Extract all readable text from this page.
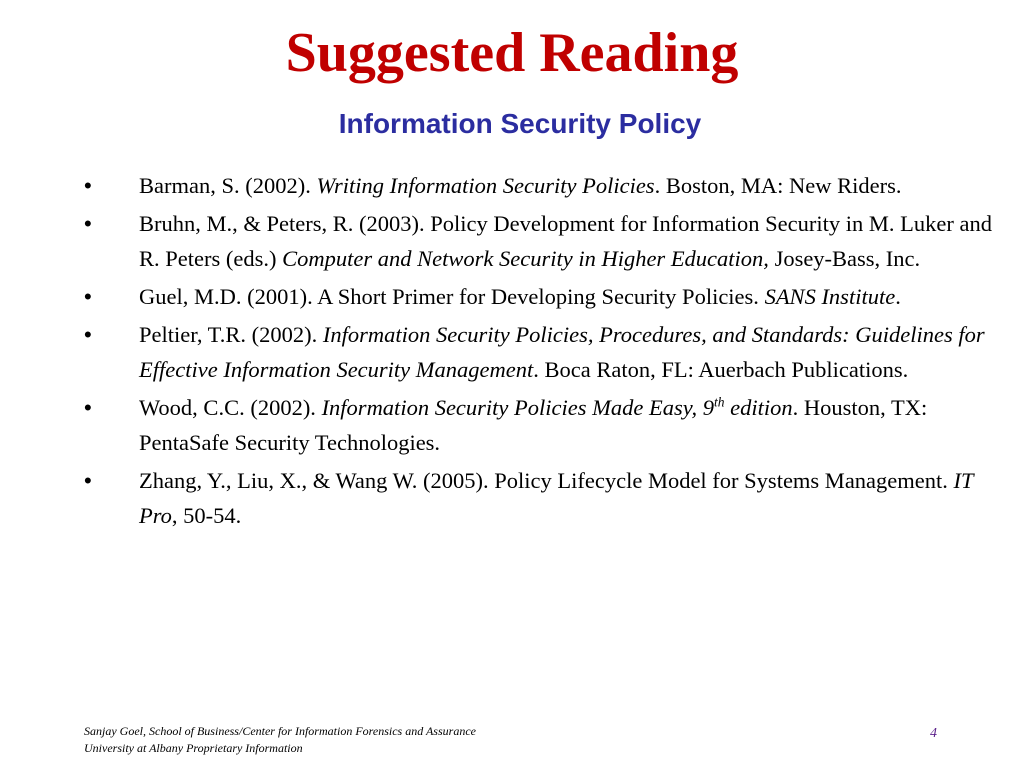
Suggested Reading
Information Security Policy
• Barman, S. (2002). Writing Information Security Policies. Boston, MA: New Riders.
• Bruhn, M., & Peters, R. (2003). Policy Development for Information Security in M. Luker and R. Peters (eds.) Computer and Network Security in Higher Education, Josey-Bass, Inc.
• Guel, M.D. (2001). A Short Primer for Developing Security Policies. SANS Institute.
• Peltier, T.R. (2002). Information Security Policies, Procedures, and Standards: Guidelines for Effective Information Security Management. Boca Raton, FL: Auerbach Publications.
• Wood, C.C. (2002). Information Security Policies Made Easy, 9th edition. Houston, TX: PentaSafe Security Technologies.
• Zhang, Y., Liu, X., & Wang W. (2005). Policy Lifecycle Model for Systems Management. IT Pro, 50-54.
Sanjay Goel, School of Business/Center for Information Forensics and Assurance
University at Albany Proprietary Information
4
